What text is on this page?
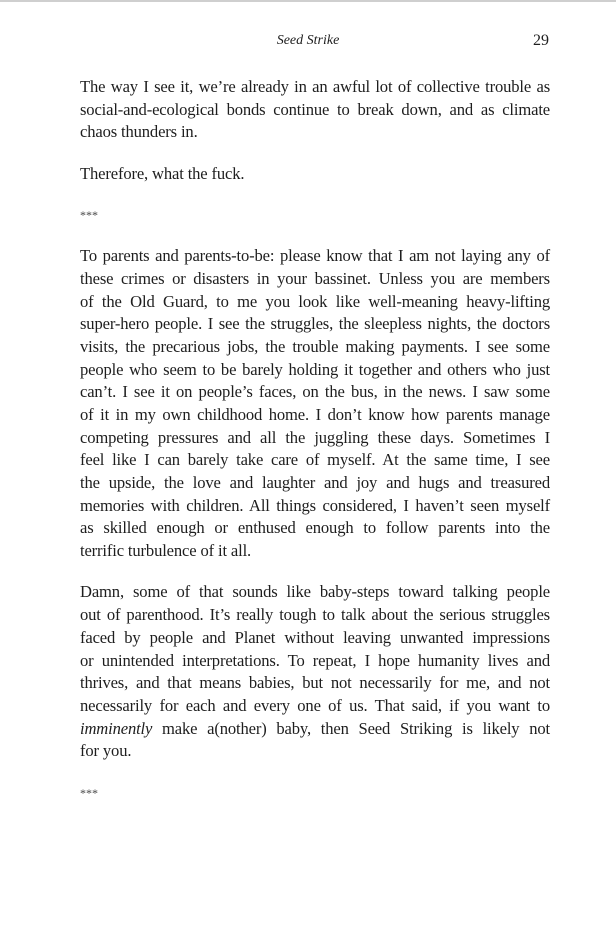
Seed Strike	29
The way I see it, we’re already in an awful lot of collective trouble as
social-and-ecological bonds continue to break down, and as climate
chaos thunders in.
Therefore, what the fuck.
***
To parents and parents-to-be: please know that I am not laying any of
these crimes or disasters in your bassinet. Unless you are members
of the Old Guard, to me you look like well-meaning heavy-lifting
super-hero people. I see the struggles, the sleepless nights, the doctors
visits, the precarious jobs, the trouble making payments. I see some
people who seem to be barely holding it together and others who just
can’t. I see it on people’s faces, on the bus, in the news. I saw some
of it in my own childhood home. I don’t know how parents manage
competing pressures and all the juggling these days. Sometimes I
feel like I can barely take care of myself. At the same time, I see
the upside, the love and laughter and joy and hugs and treasured
memories with children. All things considered, I haven’t seen myself
as skilled enough or enthused enough to follow parents into the
terrific turbulence of it all.
Damn, some of that sounds like baby-steps toward talking people
out of parenthood. It’s really tough to talk about the serious struggles
faced by people and Planet without leaving unwanted impressions
or unintended interpretations. To repeat, I hope humanity lives and
thrives, and that means babies, but not necessarily for me, and not
necessarily for each and every one of us. That said, if you want to
imminently make a(nother) baby, then Seed Striking is likely not
for you.
***
